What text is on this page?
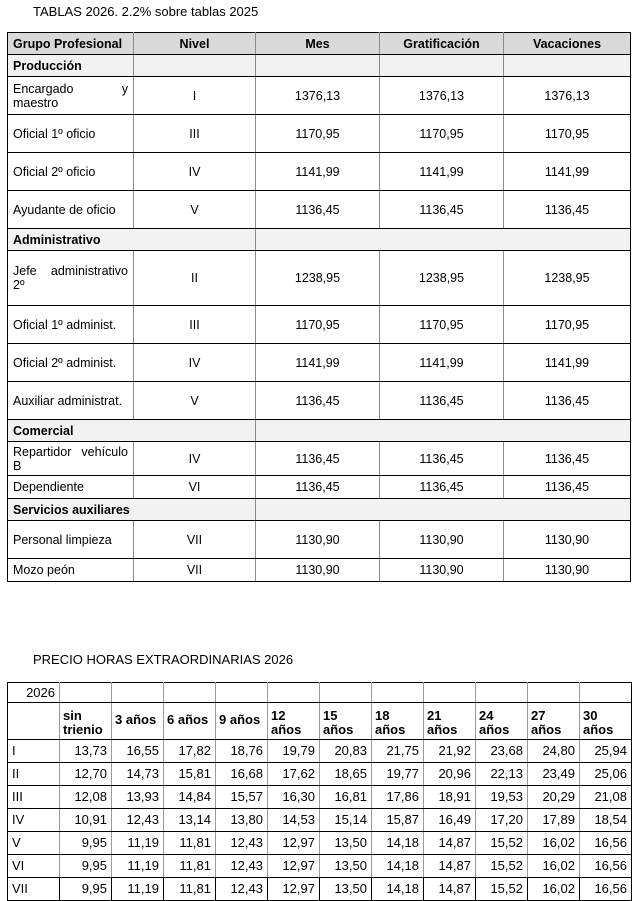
TABLAS 2026. 2.2% sobre tablas 2025
Grupo Profesional	Nivel	Mes	Gratificación	Vacaciones
Producción				
Encargado y maestro	I	1376,13	1376,13	1376,13
Oficial 1º oficio	III	1170,95	1170,95	1170,95
Oficial 2º oficio	IV	1141,99	1141,99	1141,99
Ayudante de oficio	V	1136,45	1136,45	1136,45
Administrativo				
Jefe administrativo 2º	II	1238,95	1238,95	1238,95
Oficial 1º administ.	III	1170,95	1170,95	1170,95
Oficial 2º administ.	IV	1141,99	1141,99	1141,99
Auxiliar administrat.	V	1136,45	1136,45	1136,45
Comercial				
Repartidor vehículo B	IV	1136,45	1136,45	1136,45
Dependiente	VI	1136,45	1136,45	1136,45
Servicios auxiliares				
Personal limpieza	VII	1130,90	1130,90	1130,90
Mozo peón	VII	1130,90	1130,90	1130,90
PRECIO HORAS EXTRAORDINARIAS 2026
2026											
	sin trienio	3 años	6 años	9 años	12 años	15 años	18 años	21 años	24 años	27 años	30 años
I	13,73	16,55	17,82	18,76	19,79	20,83	21,75	21,92	23,68	24,80	25,94
II	12,70	14,73	15,81	16,68	17,62	18,65	19,77	20,96	22,13	23,49	25,06
III	12,08	13,93	14,84	15,57	16,30	16,81	17,86	18,91	19,53	20,29	21,08
IV	10,91	12,43	13,14	13,80	14,53	15,14	15,87	16,49	17,20	17,89	18,54
V	9,95	11,19	11,81	12,43	12,97	13,50	14,18	14,87	15,52	16,02	16,56
VI	9,95	11,19	11,81	12,43	12,97	13,50	14,18	14,87	15,52	16,02	16,56
VII	9,95	11,19	11,81	12,43	12,97	13,50	14,18	14,87	15,52	16,02	16,56
